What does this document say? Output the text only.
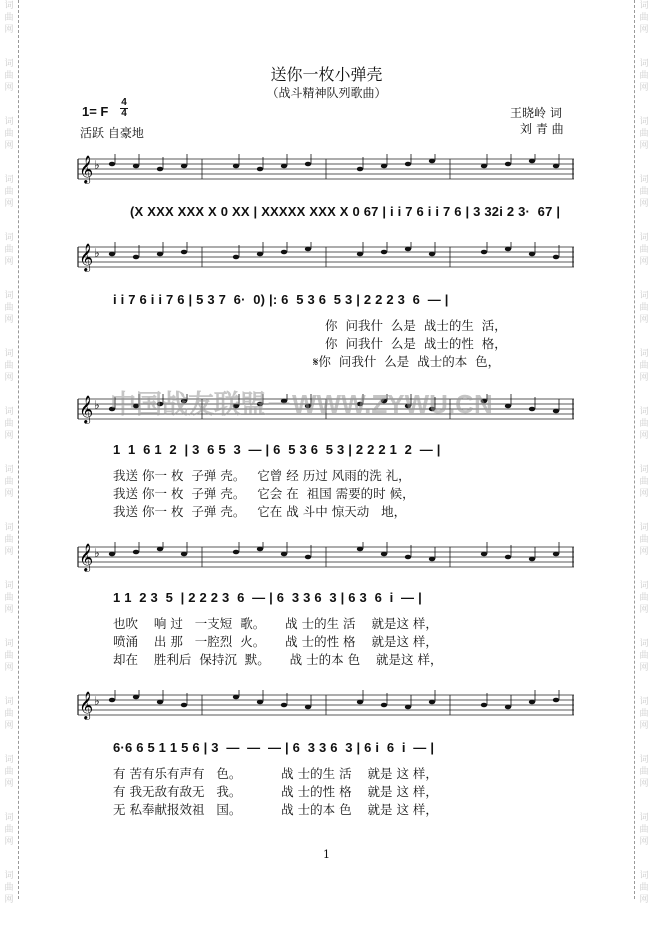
词曲网
词曲网
词曲网
词曲网
词曲网
词曲网
词曲网
词曲网
词曲网
词曲网
词曲网
词曲网
词曲网
词曲网
词曲网
词曲网
词曲网
词曲网
词曲网
词曲网
词曲网
词曲网
词曲网
词曲网
词曲网
词曲网
词曲网
词曲网
词曲网
词曲网
词曲网
词曲网
送你一枚小弹壳
（战斗精神队列歌曲）
1= F
4
4
活跃 自豪地
王晓岭 词
刘 青 曲
𝄞 ♭
(X XXX XXX X 0 XX | XXXXX XXX X 0 67 | i i 7 6 i i 7 6 | 3 32i 2 3·  67 |
𝄞 ♭
i i 7 6 i i 7 6 | 5 3 7  6·  0) |: 6  5 3 6  5 3 | 2 2 2 3  6  — |
你  问我什  么是  战士的生  活，
你  问我什  么是  战士的性  格，
𝄋你  问我什  么是  战士的本  色，
𝄞 ♭
1  1  6 1  2  | 3  6 5  3  — | 6  5 3 6  5 3 | 2 2 2 1  2  — |
我送 你一 枚  子弹 壳。   它曾 经 历过 风雨的洗 礼，
我送 你一 枚  子弹 壳。   它会 在  祖国 需要的时 候，
我送 你一 枚  子弹 壳。   它在 战 斗中 惊天动   地，
𝄞 ♭
1 1  2 3  5  | 2 2 2 3  6  — | 6  3 3 6  3 | 6 3  6  i  — |
也吹    响 过   一支短  歌。     战 士的生 活    就是这 样，
喷涌    出 那   一腔烈  火。     战 士的性 格    就是这 样，
却在    胜利后  保持沉  默。     战 士的本 色    就是这 样，
𝄞 ♭
6·6 6 5 1 1 5 6 | 3  —  —  — | 6  3 3 6  3 | 6 i  6  i  — |
有 苦有乐有声有   色。          战 士的生 活    就是 这 样，
有 我无敌有敌无   我。          战 士的性 格    就是 这 样，
无 私奉献报效祖   国。          战 士的本 色    就是 这 样，
中国战友联盟－WWW.ZYWU.CN
1
